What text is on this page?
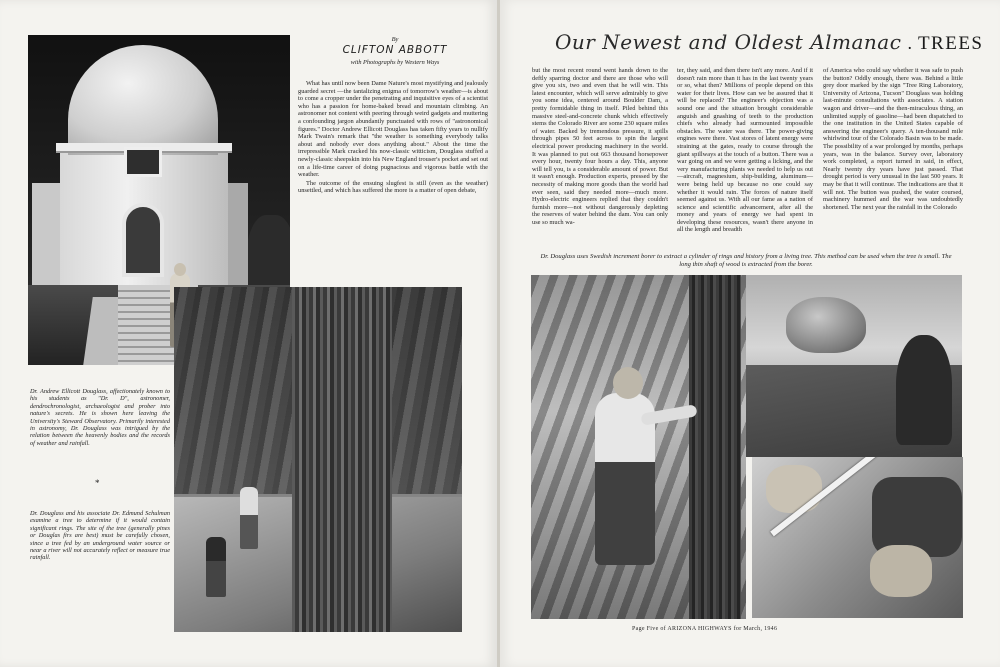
By
CLIFTON ABBOTT
with Photographs by Western Ways

What has until now been Dame Nature's most mystifying and jealously guarded secret —the tantalizing enigma of tomorrow's weather—is about to come a cropper under the penetrating and inquisitive eyes of a scientist who has a passion for home-baked bread and mountain climbing. An astronomer not content with peering through weird gadgets and muttering a confounding jargon abundantly punctuated with rows of "astronomical figures." Doctor Andrew Ellicott Douglass has taken fifty years to nullify Mark Twain's remark that "the weather is something everybody talks about and nobody ever does anything about." About the time the irrepressible Mark cracked his now-classic witticism, Douglass stuffed a newly-classic sheepskin into his New England trouser's pocket and set out on a life-time career of doing pugnacious and vigorous battle with the weather.

The outcome of the ensuing slugfest is still (even as the weather) unsettled, and which has suffered the more is a matter of open debate,

Dr. Andrew Ellicott Douglass, affectionately known to his students as "Dr. D", astronomer, dendrochronologist, archaeologist and prober into nature's secrets. He is shown here leaving the University's Steward Observatory. Primarily interested in astronomy, Dr. Douglass was intrigued by the relation between the heavenly bodies and the records of weather and rainfall.
*
Dr. Douglass and his associate Dr. Edmund Schulman examine a tree to determine if it would contain significant rings. The site of the tree (generally pines or Douglas firs are best) must be carefully chosen, since a tree fed by an underground water source or near a river will not accurately reflect or measure true rainfall.
Our Newest and Oldest Almanac . TREES
but the most recent round went hands down to the deftly sparring doctor and there are those who will give you six, two and even that he will win. This latest encounter, which will serve admirably to give you some idea, centered around Boulder Dam, a pretty formidable thing in itself. Piled behind this massive steel-and-concrete chunk which effectively stems the Colorado River are some 230 square miles of water. Backed by tremendous pressure, it spills through pipes 50 feet across to spin the largest electrical power producing machinery in the world. It was planned to put out 663 thousand horsepower every hour, twenty four hours a day. This, anyone will tell you, is a considerable amount of power. But it wasn't enough. Production experts, pressed by the necessity of making more goods than the world had ever seen, said they needed more—much more. Hydro-electric engineers replied that they couldn't furnish more—not without dangerously depleting the reserves of water behind the dam. You can only use so much wa-
ter, they said, and then there isn't any more. And if it doesn't rain more than it has in the last twenty years or so, what then? Millions of people depend on this water for their lives. How can we be assured that it will be replaced? The engineer's objection was a sound one and the situation brought considerable anguish and gnashing of teeth to the production chiefs who already had surmounted impossible obstacles. The water was there. The power-giving engines were there. Vast stores of latent energy were straining at the gates, ready to course through the giant spillways at the touch of a button. There was a war going on and we were getting a licking, and the very manufacturing plants we needed to help us out—aircraft, magnesium, ship-building, aluminum—were being held up because no one could say whether it would rain. The forces of nature itself seemed against us. With all our fame as a nation of science and scientific advancement, after all the money and years of energy we had spent in developing these resources, wasn't there anyone in all the length and breadth
of America who could say whether it was safe to push the button? Oddly enough, there was. Behind a little grey door marked by the sign "Tree Ring Laboratory, University of Arizona, Tucson" Douglass was holding last-minute consultations with associates. A station wagon and driver—and the then-miraculous thing, an unlimited supply of gasoline—had been dispatched to the one institution in the United States capable of answering the engineer's query. A ten-thousand mile whirlwind tour of the Colorado Basin was to be made. The possibility of a war prolonged by months, perhaps years, was in the balance. Survey over, laboratory work completed, a report turned in said, in effect, Nearly twenty dry years have just passed. That drought period is very unusual in the last 500 years. It may be that it will continue. The indications are that it will not. The button was pushed, the water coursed, machinery hummed and the war was undoubtedly shortened. The next year the rainfall in the Colorado
Dr. Douglass uses Swedish increment borer to extract a cylinder of rings and history from a living tree. This method can be used when the tree is small. The long thin shaft of wood is extracted from the borer.
Page Five of ARIZONA HIGHWAYS for March, 1946
